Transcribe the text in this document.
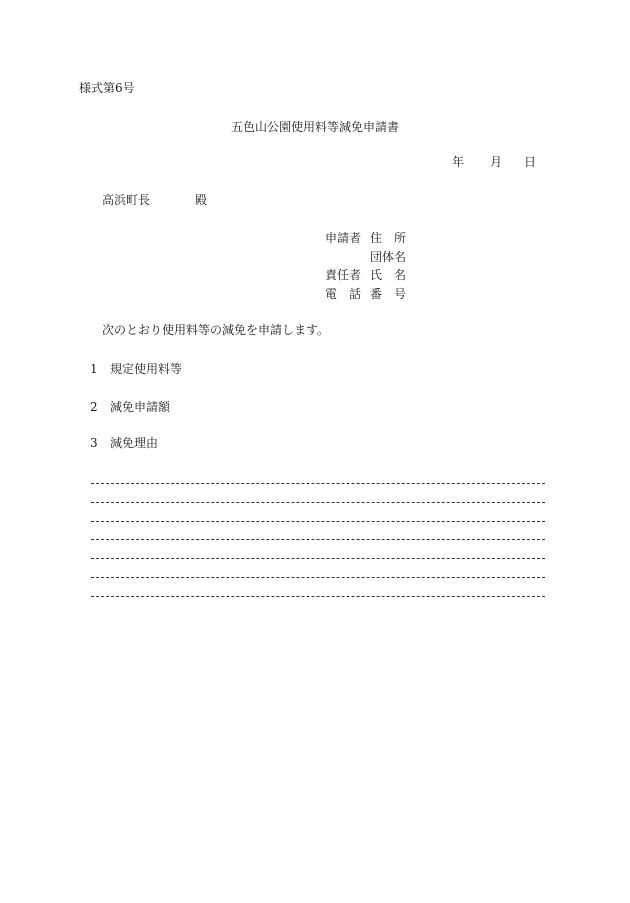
様式第6号
五色山公園使用料等減免申請書
年 月 日
高浜町長	殿
申請者 住　所
団体名
責任者 氏　名
電　話 番　号
次のとおり使用料等の減免を申請します。
1 規定使用料等
2 減免申請額
3 減免理由
